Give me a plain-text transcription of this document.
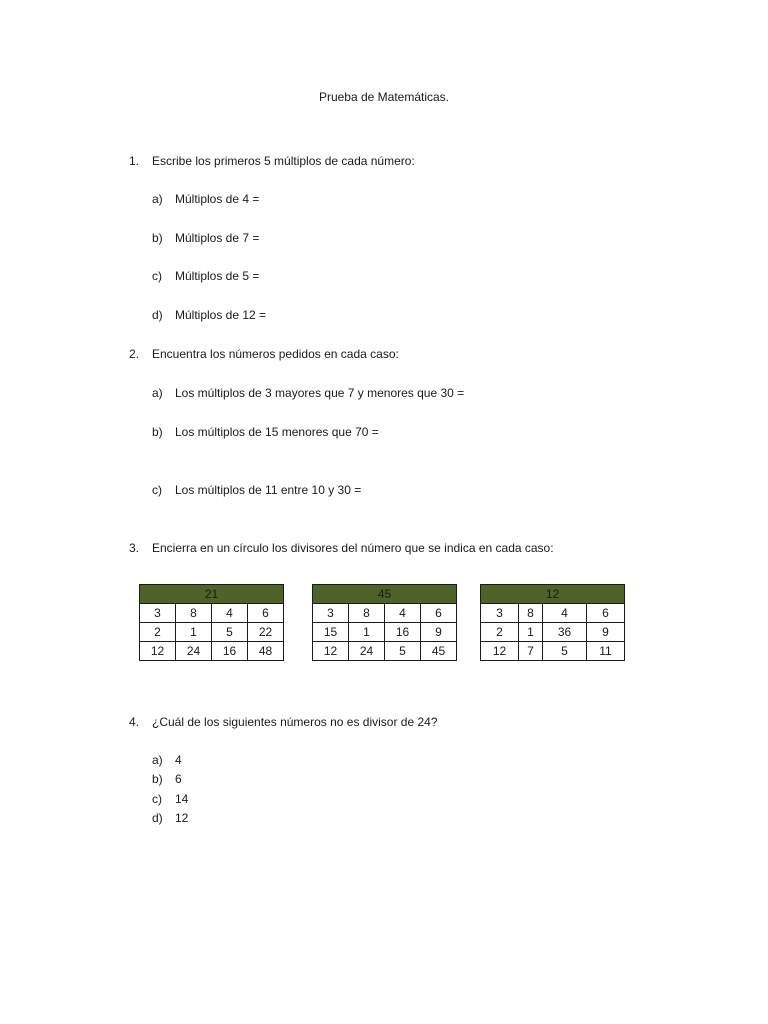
Prueba de Matemáticas.
1. Escribe los primeros 5 múltiplos de cada número:
a) Múltiplos de 4 =
b) Múltiplos de 7 =
c) Múltiplos de 5 =
d) Múltiplos de 12 =
2. Encuentra los números pedidos en cada caso:
a) Los múltiplos de 3 mayores que 7 y menores que 30 =
b) Los múltiplos de 15 menores que 70 =
c) Los múltiplos de 11 entre 10 y 30 =
3. Encierra en un círculo los divisores del número que se indica en cada caso:
21			
3	8	4	6
2	1	5	22
12	24	16	48
45			
3	8	4	6
15	1	16	9
12	24	5	45
12			
3	8	4	6
2	1	36	9
12	7	5	11
4. ¿Cuál de los siguientes números no es divisor de 24?
a) 4
b) 6
c) 14
d) 12
